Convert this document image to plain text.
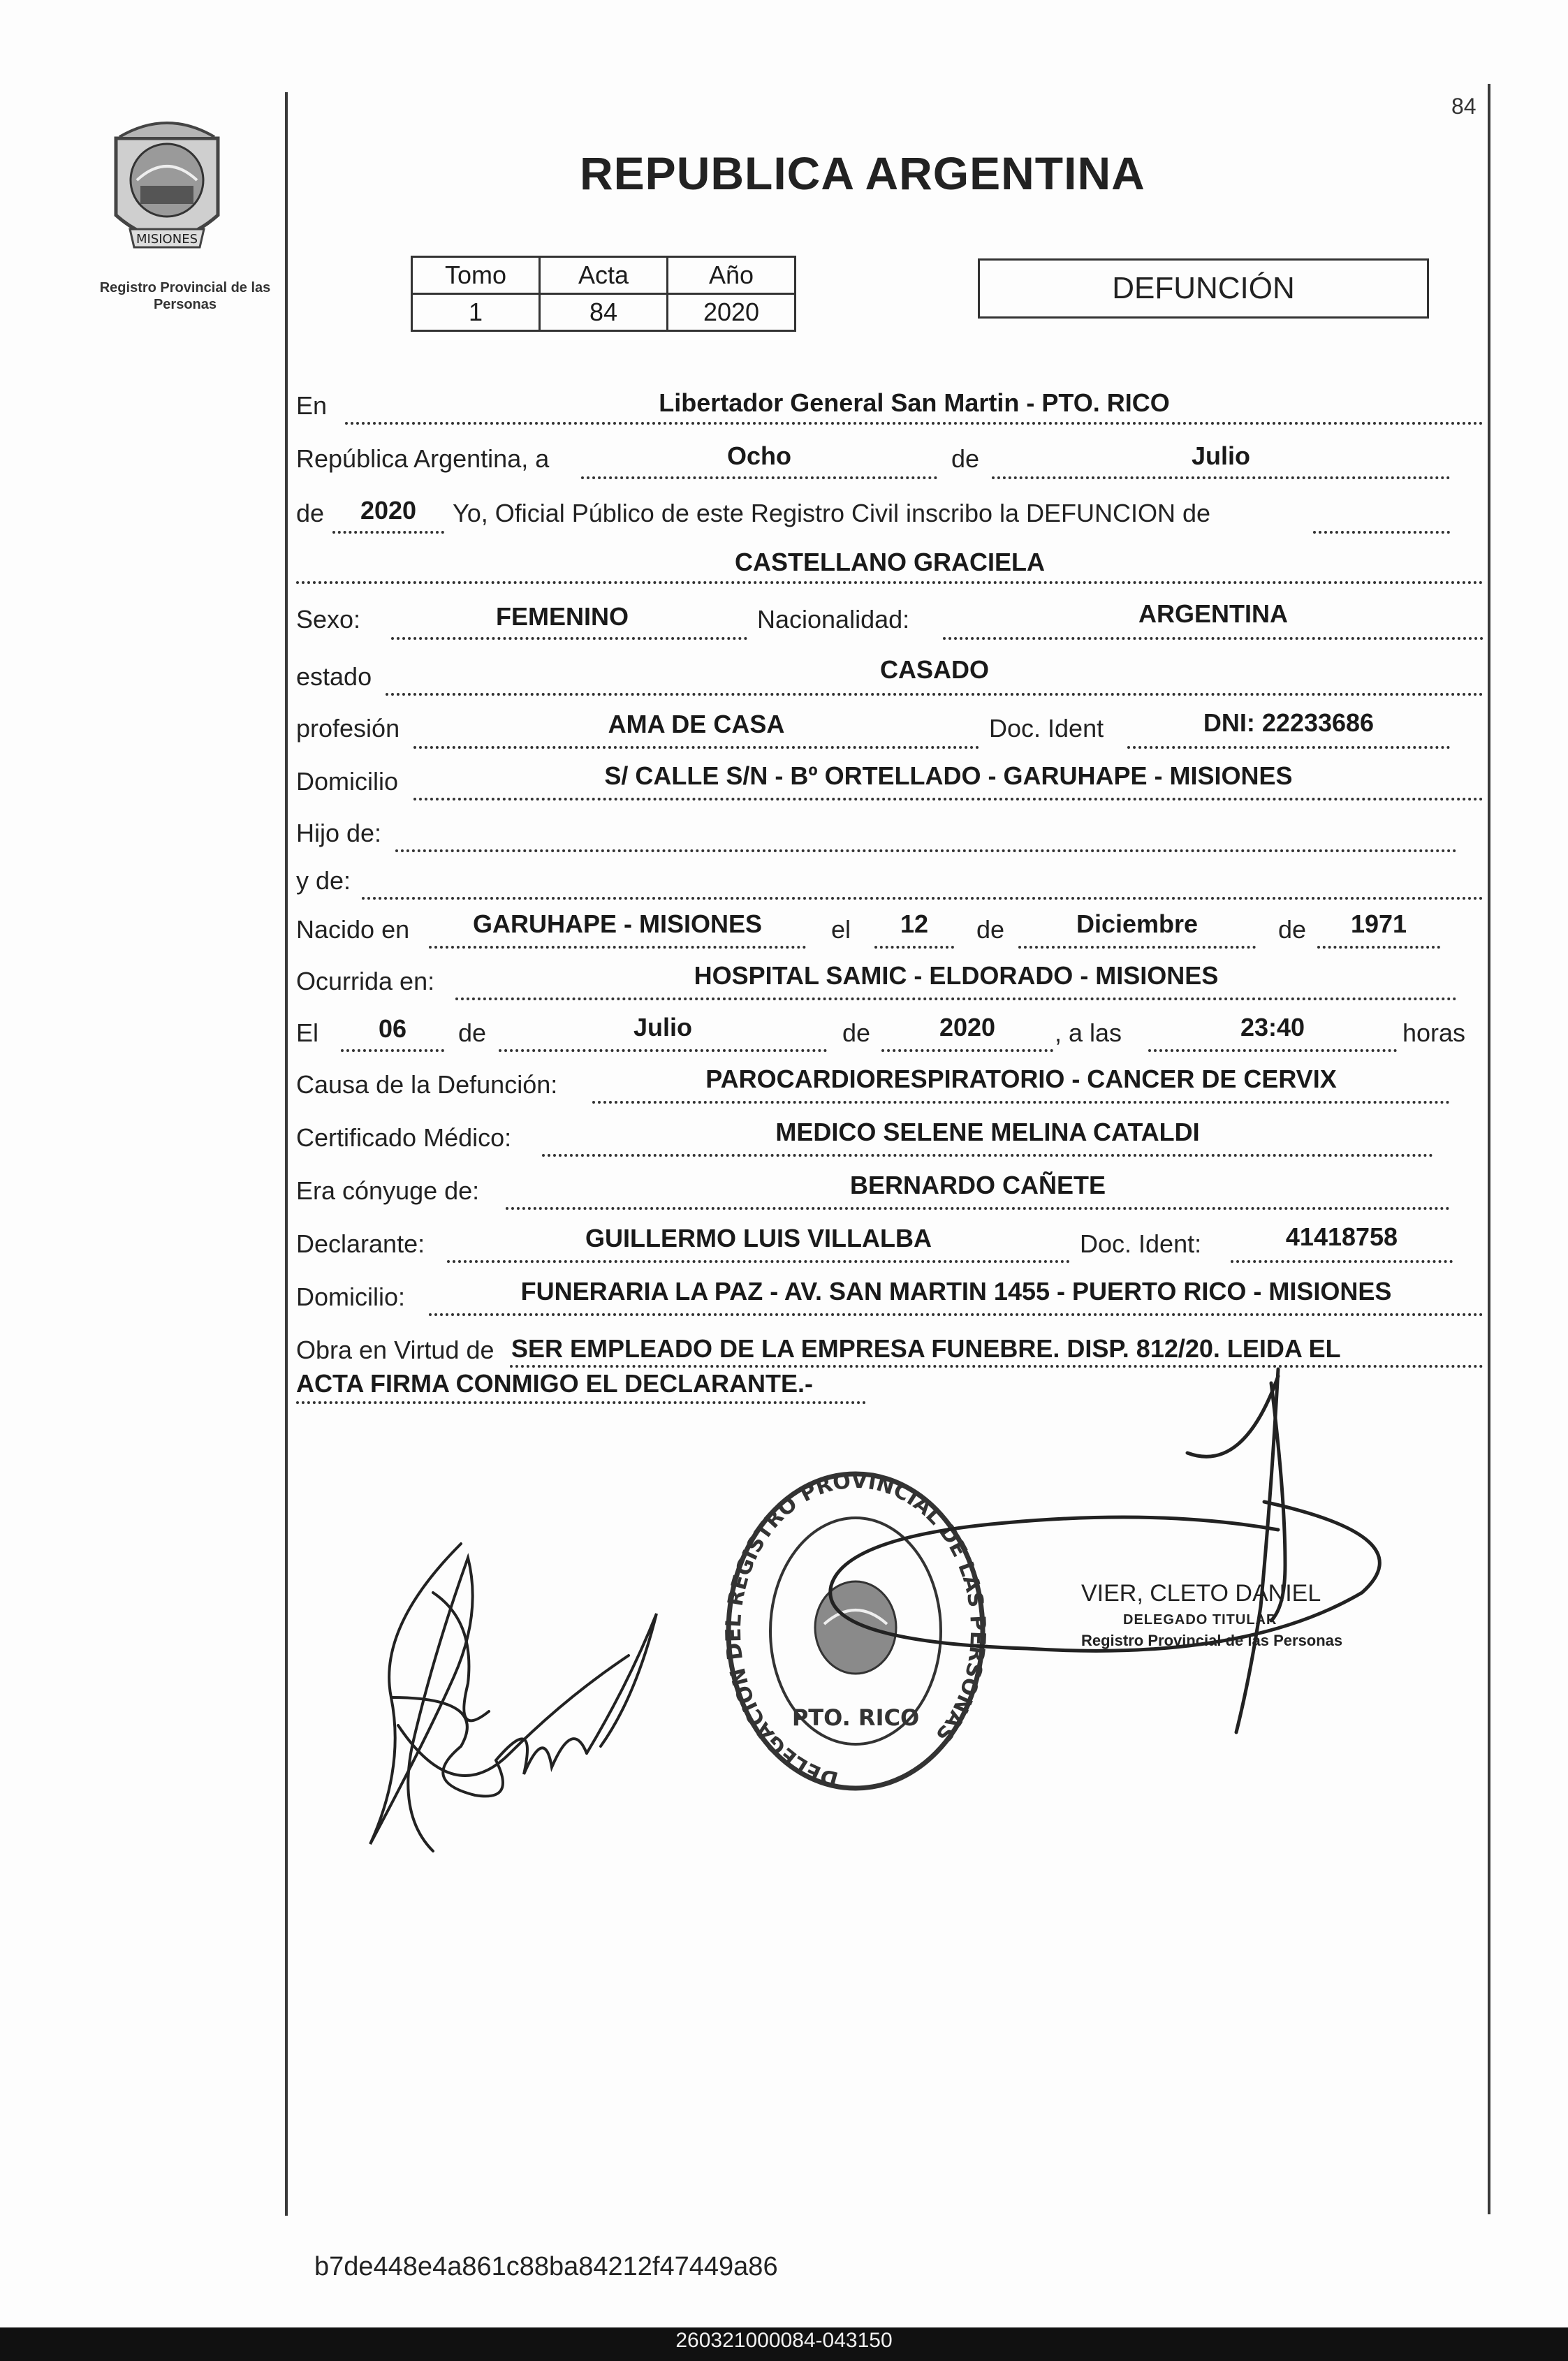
84
MISIONES
Registro Provincial de las Personas
REPUBLICA ARGENTINA
Tomo	Acta	Año
1	84	2020
DEFUNCIÓN
En	Libertador General San Martin - PTO. RICO
República Argentina, a	Ocho	de	Julio
de	2020	Yo, Oficial Público de este Registro Civil inscribo la DEFUNCION de
CASTELLANO GRACIELA
Sexo:	FEMENINO	Nacionalidad:	ARGENTINA
estado	CASADO
profesión	AMA DE CASA	Doc. Ident	DNI: 22233686
Domicilio	S/ CALLE S/N - Bº ORTELLADO - GARUHAPE - MISIONES
Hijo de:
y de:
Nacido en	GARUHAPE - MISIONES	el	12	de	Diciembre	de	1971
Ocurrida en:	HOSPITAL SAMIC - ELDORADO - MISIONES
El	06	de	Julio	de	2020	, a las	23:40	horas
Causa de la Defunción:	PAROCARDIORESPIRATORIO - CANCER DE CERVIX
Certificado Médico:	MEDICO SELENE MELINA CATALDI
Era cónyuge de:	BERNARDO CAÑETE
Declarante:	GUILLERMO LUIS VILLALBA	Doc. Ident:	41418758
Domicilio:	FUNERARIA LA PAZ - AV. SAN MARTIN 1455 - PUERTO RICO - MISIONES
Obra en Virtud de SER EMPLEADO DE LA EMPRESA FUNEBRE. DISP. 812/20. LEIDA EL
ACTA FIRMA CONMIGO EL DECLARANTE.-
DELEGACION DEL REGISTRO PROVINCIAL DE LAS PERSONAS
PTO. RICO
VIER, CLETO DANIEL
DELEGADO TITULAR
Registro Provincial de las Personas
b7de448e4a861c88ba84212f47449a86
260321000084-043150
